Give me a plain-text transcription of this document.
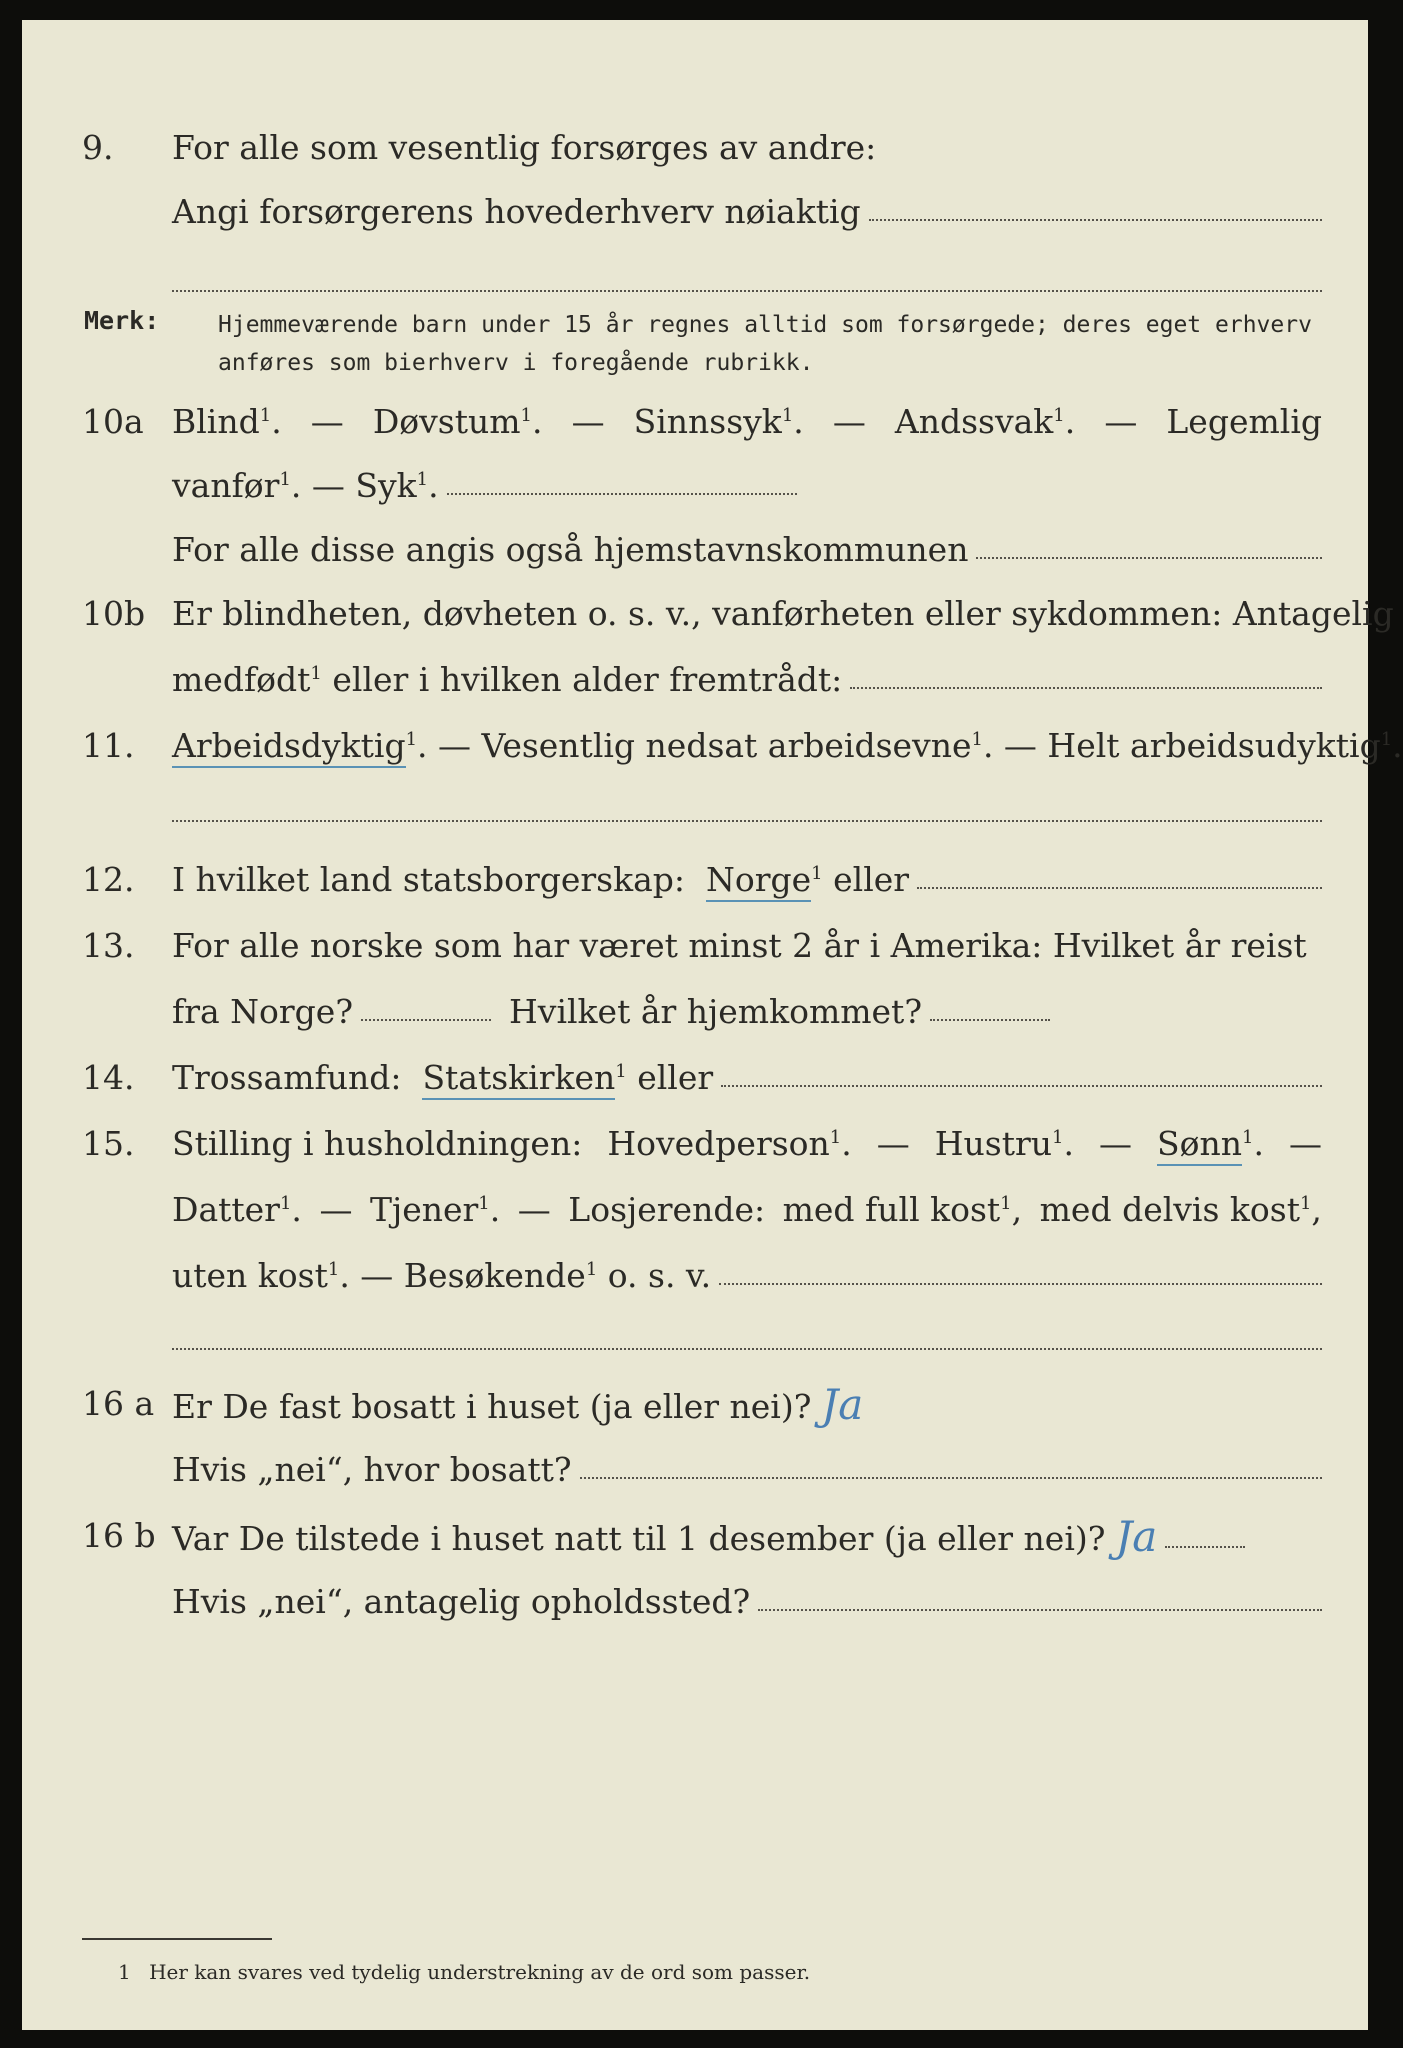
9. For alle som vesentlig forsørges av andre:
Angi forsørgerens hovederhverv nøiaktig
Merk:	Hjemmeværende barn under 15 år regnes alltid som forsørgede; deres eget erhverv anføres som bierhverv i foregående rubrikk.
10a Blind$^1$. — Døvstum$^1$. — Sinnssyk$^1$. — Andssvak$^1$. — Legemlig
vanfør$^1$. — Syk$^1$.
For alle disse angis også hjemstavnskommunen
10b Er blindheten, døvheten o. s. v., vanførheten eller sykdommen: Antagelig
medfødt$^1$ eller i hvilken alder fremtrådt:
11. Arbeidsdyktig$^1$. — Vesentlig nedsat arbeidsevne$^1$. — Helt arbeidsudyktig$^1$.
12. I hvilket land statsborgerskap: Norge$^1$ eller
13. For alle norske som har været minst 2 år i Amerika: Hvilket år reist
fra Norge?	Hvilket år hjemkommet?
14. Trossamfund: Statskirken$^1$ eller
15. Stilling i husholdningen: Hovedperson$^1$. — Hustru$^1$. — Sønn$^1$. —
Datter$^1$. — Tjener$^1$. — Losjerende: med full kost$^1$, med delvis kost$^1$,
uten kost$^1$. — Besøkende$^1$ o. s. v.
16 a Er De fast bosatt i huset (ja eller nei)? Ja
Hvis „nei“, hvor bosatt?
16 b Var De tilstede i huset natt til 1 desember (ja eller nei)? Ja
Hvis „nei“, antagelig opholdssted?
1 Her kan svares ved tydelig understrekning av de ord som passer.
